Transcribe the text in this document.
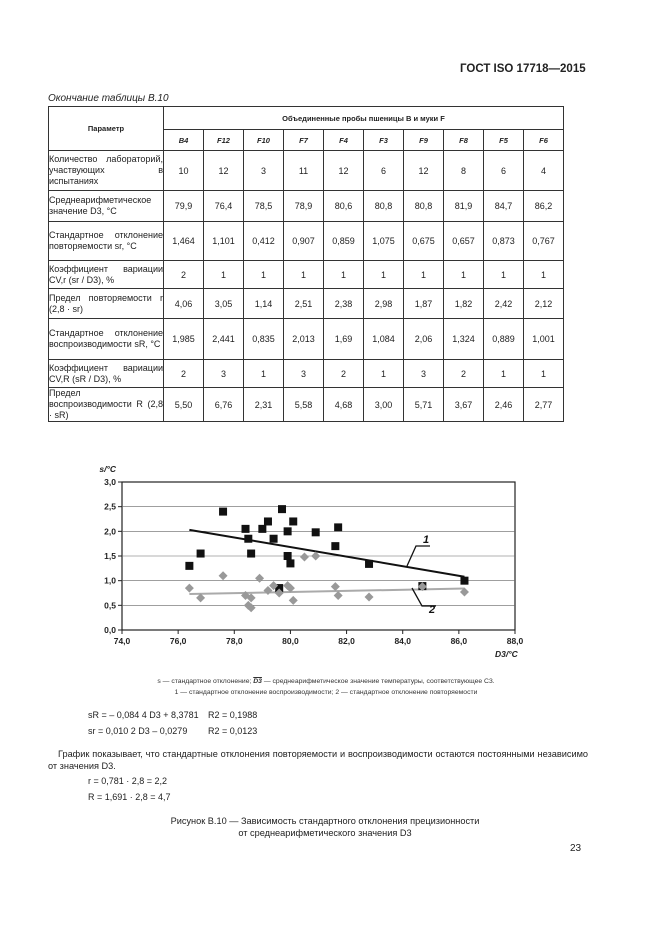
ГОСТ ISO 17718—2015
Окончание таблицы В.10
Параметр	Объединенные пробы пшеницы В и муки F									
	B4	F12	F10	F7	F4	F3	F9	F8	F5	F6
Количество лабораторий, участвующих в испытаниях	10	12	3	11	12	6	12	8	6	4
Среднеарифметическое значение D3, °C	79,9	76,4	78,5	78,9	80,6	80,8	80,8	81,9	84,7	86,2
Стандартное отклонение повторяемости sr, °C	1,464	1,101	0,412	0,907	0,859	1,075	0,675	0,657	0,873	0,767
Коэффициент вариации CV,r (sr / D3), %	2	1	1	1	1	1	1	1	1	1
Предел повторяемости r (2,8 · sr)	4,06	3,05	1,14	2,51	2,38	2,98	1,87	1,82	2,42	2,12
Стандартное отклонение воспроизводимости sR, °C	1,985	2,441	0,835	2,013	1,69	1,084	2,06	1,324	0,889	1,001
Коэффициент вариации CV,R (sR / D3), %	2	3	1	3	2	1	3	2	1	1
Предел воспроизводимости R (2,8 · sR)	5,50	6,76	2,31	5,58	4,68	3,00	5,71	3,67	2,46	2,77
0,0
0,5
1,0
1,5
2,0
2,5
3,0
74,0	76,0	78,0	80,0	82,0	84,0	86,0	88,0
s/°C
D3/°C
1
2
s — стандартное отклонение; D3 — среднеарифметическое значение температуры, соответствующее С3.
1 — стандартное отклонение воспроизводимости; 2 — стандартное отклонение повторяемости
sR = – 0,084 4 D3 + 8,3781 R2 = 0,1988
sr = 0,010 2 D3 – 0,0279 R2 = 0,0123
График показывает, что стандартные отклонения повторяемости и воспроизводимости остаются постоянными независимо от значения D3.
r = 0,781 · 2,8 = 2,2
R = 1,691 · 2,8 = 4,7
Рисунок В.10 — Зависимость стандартного отклонения прецизионности
от среднеарифметического значения D3
23
